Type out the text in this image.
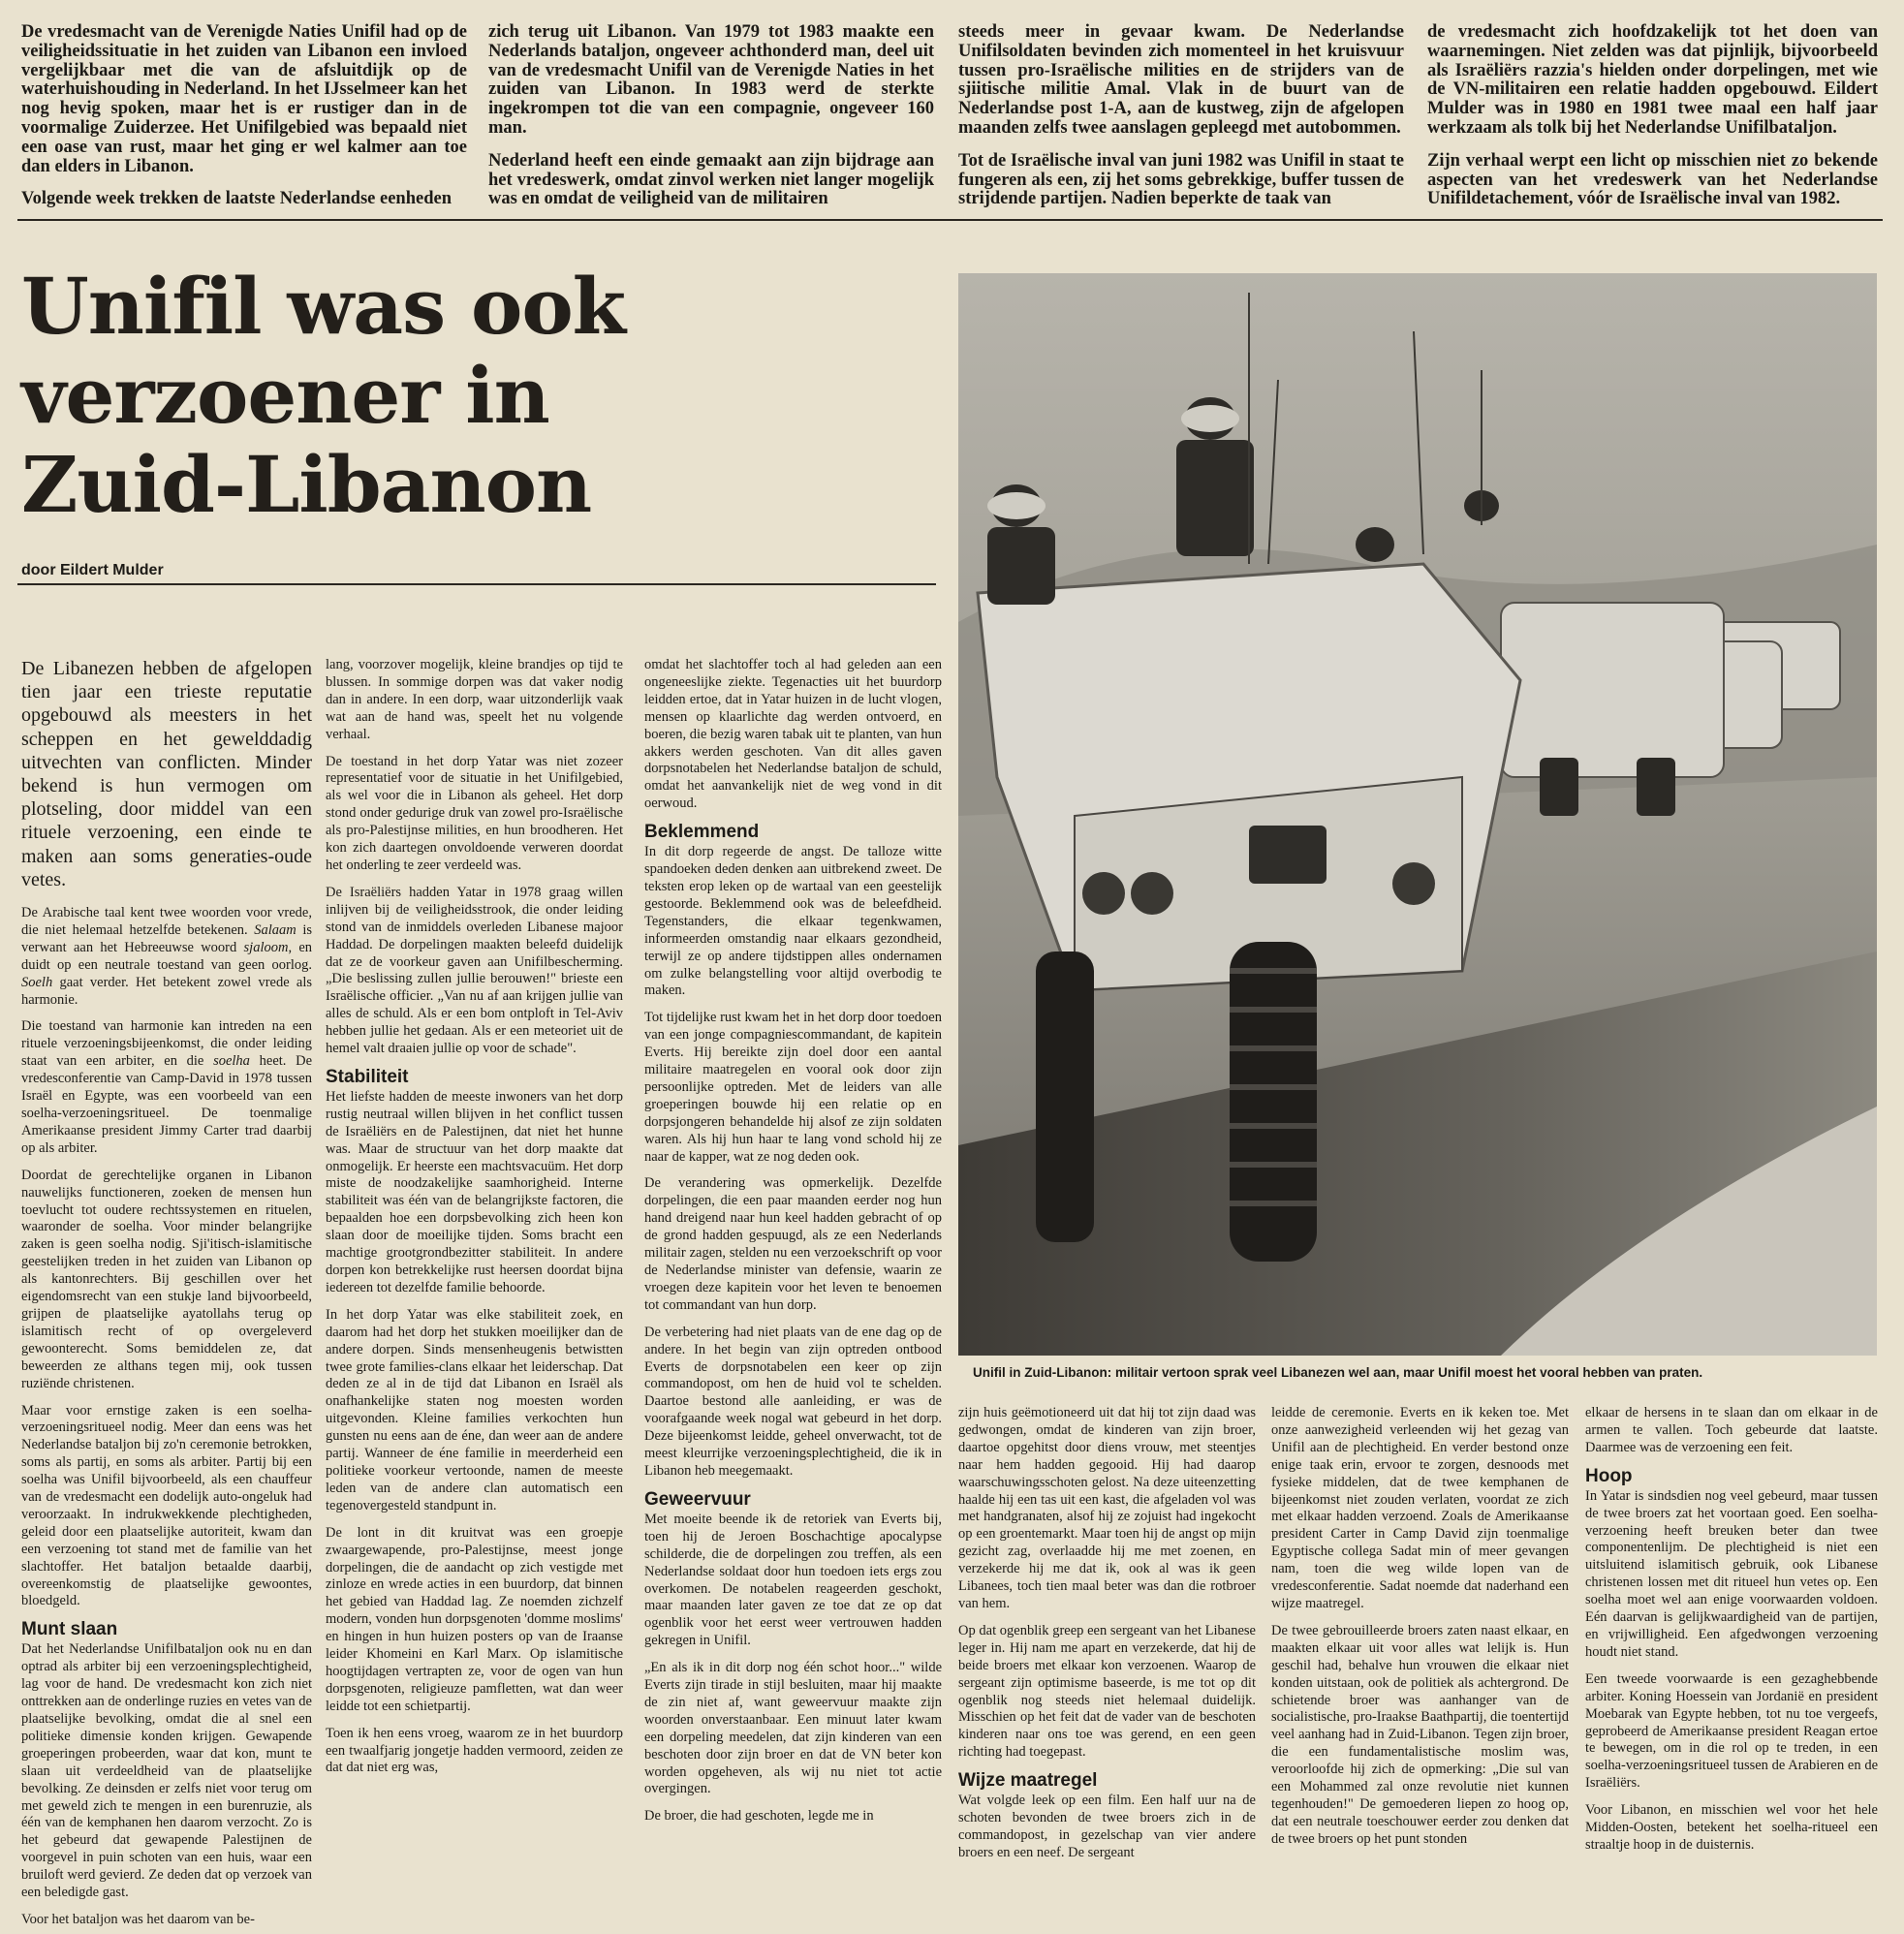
De vredesmacht van de Verenigde Naties Unifil had op de veiligheidssituatie in het zuiden van Libanon een invloed vergelijkbaar met die van de afsluitdijk op de waterhuishouding in Nederland. In het IJsselmeer kan het nog hevig spoken, maar het is er rustiger dan in de voormalige Zuiderzee. Het Unifilgebied was bepaald niet een oase van rust, maar het ging er wel kalmer aan toe dan elders in Libanon.

Volgende week trekken de laatste Nederlandse eenheden

zich terug uit Libanon. Van 1979 tot 1983 maakte een Nederlands bataljon, ongeveer achthonderd man, deel uit van de vredesmacht Unifil van de Verenigde Naties in het zuiden van Libanon. In 1983 werd de sterkte ingekrompen tot die van een compagnie, ongeveer 160 man.

Nederland heeft een einde gemaakt aan zijn bijdrage aan het vredeswerk, omdat zinvol werken niet langer mogelijk was en omdat de veiligheid van de militairen

steeds meer in gevaar kwam. De Nederlandse Unifilsoldaten bevinden zich momenteel in het kruisvuur tussen pro-Israëlische milities en de strijders van de sjiitische militie Amal. Vlak in de buurt van de Nederlandse post 1-A, aan de kustweg, zijn de afgelopen maanden zelfs twee aanslagen gepleegd met autobommen.

Tot de Israëlische inval van juni 1982 was Unifil in staat te fungeren als een, zij het soms gebrekkige, buffer tussen de strijdende partijen. Nadien beperkte de taak van

de vredesmacht zich hoofdzakelijk tot het doen van waarnemingen. Niet zelden was dat pijnlijk, bijvoorbeeld als Israëliërs razzia's hielden onder dorpelingen, met wie de VN-militairen een relatie hadden opgebouwd. Eildert Mulder was in 1980 en 1981 twee maal een half jaar werkzaam als tolk bij het Nederlandse Unifilbataljon.

Zijn verhaal werpt een licht op misschien niet zo bekende aspecten van het vredeswerk van het Nederlandse Unifildetachement, vóór de Israëlische inval van 1982.

Unifil was ook
verzoener in
Zuid-Libanon
door Eildert Mulder
Unifil in Zuid-Libanon: militair vertoon sprak veel Libanezen wel aan, maar Unifil moest het vooral hebben van praten.

De Libanezen hebben de afgelopen tien jaar een trieste reputatie opgebouwd als meesters in het scheppen en het gewelddadig uitvechten van conflicten. Minder bekend is hun vermogen om plotseling, door middel van een rituele verzoening, een einde te maken aan soms generaties-oude vetes.

De Arabische taal kent twee woorden voor vrede, die niet helemaal hetzelfde betekenen. Salaam is verwant aan het Hebreeuwse woord sjaloom, en duidt op een neutrale toestand van geen oorlog. Soelh gaat verder. Het betekent zowel vrede als harmonie.

Die toestand van harmonie kan intreden na een rituele verzoeningsbijeenkomst, die onder leiding staat van een arbiter, en die soelha heet. De vredesconferentie van Camp-David in 1978 tussen Israël en Egypte, was een voorbeeld van een soelha-verzoeningsritueel. De toenmalige Amerikaanse president Jimmy Carter trad daarbij op als arbiter.

Doordat de gerechtelijke organen in Libanon nauwelijks functioneren, zoeken de mensen hun toevlucht tot oudere rechtssystemen en rituelen, waaronder de soelha. Voor minder belangrijke zaken is geen soelha nodig. Sji'itisch-islamitische geestelijken treden in het zuiden van Libanon op als kantonrechters. Bij geschillen over het eigendomsrecht van een stukje land bijvoorbeeld, grijpen de plaatselijke ayatollahs terug op islamitisch recht of op overgeleverd gewoonterecht. Soms bemiddelen ze, dat beweerden ze althans tegen mij, ook tussen ruziënde christenen.

Maar voor ernstige zaken is een soelha-verzoeningsritueel nodig. Meer dan eens was het Nederlandse bataljon bij zo'n ceremonie betrokken, soms als partij, en soms als arbiter. Partij bij een soelha was Unifil bijvoorbeeld, als een chauffeur van de vredesmacht een dodelijk auto-ongeluk had veroorzaakt. In indrukwekkende plechtigheden, geleid door een plaatselijke autoriteit, kwam dan een verzoening tot stand met de familie van het slachtoffer. Het bataljon betaalde daarbij, overeenkomstig de plaatselijke gewoontes, bloedgeld.

Munt slaan

Dat het Nederlandse Unifilbataljon ook nu en dan optrad als arbiter bij een verzoeningsplechtigheid, lag voor de hand. De vredesmacht kon zich niet onttrekken aan de onderlinge ruzies en vetes van de plaatselijke bevolking, omdat die al snel een politieke dimensie konden krijgen. Gewapende groeperingen probeerden, waar dat kon, munt te slaan uit verdeeldheid van de plaatselijke bevolking. Ze deinsden er zelfs niet voor terug om met geweld zich te mengen in een burenruzie, als één van de kemphanen hen daarom verzocht. Zo is het gebeurd dat gewapende Palestijnen de voorgevel in puin schoten van een huis, waar een bruiloft werd gevierd. Ze deden dat op verzoek van een beledigde gast.

Voor het bataljon was het daarom van be-

lang, voorzover mogelijk, kleine brandjes op tijd te blussen. In sommige dorpen was dat vaker nodig dan in andere. In een dorp, waar uitzonderlijk vaak wat aan de hand was, speelt het nu volgende verhaal.

De toestand in het dorp Yatar was niet zozeer representatief voor de situatie in het Unifilgebied, als wel voor die in Libanon als geheel. Het dorp stond onder gedurige druk van zowel pro-Israëlische als pro-Palestijnse milities, en hun broodheren. Het kon zich daartegen onvoldoende verweren doordat het onderling te zeer verdeeld was.

De Israëliërs hadden Yatar in 1978 graag willen inlijven bij de veiligheidsstrook, die onder leiding stond van de inmiddels overleden Libanese majoor Haddad. De dorpelingen maakten beleefd duidelijk dat ze de voorkeur gaven aan Unifilbescherming. „Die beslissing zullen jullie berouwen!" brieste een Israëlische officier. „Van nu af aan krijgen jullie van alles de schuld. Als er een bom ontploft in Tel-Aviv hebben jullie het gedaan. Als er een meteoriet uit de hemel valt draaien jullie op voor de schade".

Stabiliteit

Het liefste hadden de meeste inwoners van het dorp rustig neutraal willen blijven in het conflict tussen de Israëliërs en de Palestijnen, dat niet het hunne was. Maar de structuur van het dorp maakte dat onmogelijk. Er heerste een machtsvacuüm. Het dorp miste de noodzakelijke saamhorigheid. Interne stabiliteit was één van de belangrijkste factoren, die bepaalden hoe een dorpsbevolking zich heen kon slaan door de moeilijke tijden. Soms bracht een machtige grootgrondbezitter stabiliteit. In andere dorpen kon betrekkelijke rust heersen doordat bijna iedereen tot dezelfde familie behoorde.

In het dorp Yatar was elke stabiliteit zoek, en daarom had het dorp het stukken moeilijker dan de andere dorpen. Sinds mensenheugenis betwistten twee grote families-clans elkaar het leiderschap. Dat deden ze al in de tijd dat Libanon en Israël als onafhankelijke staten nog moesten worden uitgevonden. Kleine families verkochten hun gunsten nu eens aan de éne, dan weer aan de andere partij. Wanneer de éne familie in meerderheid een politieke voorkeur vertoonde, namen de meeste leden van de andere clan automatisch een tegenovergesteld standpunt in.

De lont in dit kruitvat was een groepje zwaargewapende, pro-Palestijnse, meest jonge dorpelingen, die de aandacht op zich vestigde met zinloze en wrede acties in een buurdorp, dat binnen het gebied van Haddad lag. Ze noemden zichzelf modern, vonden hun dorpsgenoten 'domme moslims' en hingen in hun huizen posters op van de Iraanse leider Khomeini en Karl Marx. Op islamitische hoogtijdagen vertrapten ze, voor de ogen van hun dorpsgenoten, religieuze pamfletten, wat dan weer leidde tot een schietpartij.

Toen ik hen eens vroeg, waarom ze in het buurdorp een twaalfjarig jongetje hadden vermoord, zeiden ze dat dat niet erg was,

omdat het slachtoffer toch al had geleden aan een ongeneeslijke ziekte. Tegenacties uit het buurdorp leidden ertoe, dat in Yatar huizen in de lucht vlogen, mensen op klaarlichte dag werden ontvoerd, en boeren, die bezig waren tabak uit te planten, van hun akkers werden geschoten. Van dit alles gaven dorpsnotabelen het Nederlandse bataljon de schuld, omdat het aanvankelijk niet de weg vond in dit oerwoud.

Beklemmend

In dit dorp regeerde de angst. De talloze witte spandoeken deden denken aan uitbrekend zweet. De teksten erop leken op de wartaal van een geestelijk gestoorde. Beklemmend ook was de beleefdheid. Tegenstanders, die elkaar tegenkwamen, informeerden omstandig naar elkaars gezondheid, terwijl ze op andere tijdstippen alles ondernamen om zulke belangstelling voor altijd overbodig te maken.

Tot tijdelijke rust kwam het in het dorp door toedoen van een jonge compagniescommandant, de kapitein Everts. Hij bereikte zijn doel door een aantal militaire maatregelen en vooral ook door zijn persoonlijke optreden. Met de leiders van alle groeperingen bouwde hij een relatie op en dorpsjongeren behandelde hij alsof ze zijn soldaten waren. Als hij hun haar te lang vond schold hij ze naar de kapper, wat ze nog deden ook.

De verandering was opmerkelijk. Dezelfde dorpelingen, die een paar maanden eerder nog hun hand dreigend naar hun keel hadden gebracht of op de grond hadden gespuugd, als ze een Nederlands militair zagen, stelden nu een verzoekschrift op voor de Nederlandse minister van defensie, waarin ze vroegen deze kapitein voor het leven te benoemen tot commandant van hun dorp.

De verbetering had niet plaats van de ene dag op de andere. In het begin van zijn optreden ontbood Everts de dorpsnotabelen een keer op zijn commandopost, om hen de huid vol te schelden. Daartoe bestond alle aanleiding, er was de voorafgaande week nogal wat gebeurd in het dorp. Deze bijeenkomst leidde, geheel onverwacht, tot de meest kleurrijke verzoeningsplechtigheid, die ik in Libanon heb meegemaakt.

Geweervuur

Met moeite beende ik de retoriek van Everts bij, toen hij de Jeroen Boschachtige apocalypse schilderde, die de dorpelingen zou treffen, als een Nederlandse soldaat door hun toedoen iets ergs zou overkomen. De notabelen reageerden geschokt, maar maanden later gaven ze toe dat ze op dat ogenblik voor het eerst weer vertrouwen hadden gekregen in Unifil.

„En als ik in dit dorp nog één schot hoor..." wilde Everts zijn tirade in stijl besluiten, maar hij maakte de zin niet af, want geweervuur maakte zijn woorden onverstaanbaar. Een minuut later kwam een dorpeling meedelen, dat zijn kinderen van een beschoten door zijn broer en dat de VN beter kon worden opgeheven, als wij nu niet tot actie overgingen.

De broer, die had geschoten, legde me in

zijn huis geëmotioneerd uit dat hij tot zijn daad was gedwongen, omdat de kinderen van zijn broer, daartoe opgehitst door diens vrouw, met steentjes naar hem hadden gegooid. Hij had daarop waarschuwingsschoten gelost. Na deze uiteenzetting haalde hij een tas uit een kast, die afgeladen vol was met handgranaten, alsof hij ze zojuist had ingekocht op een groentemarkt. Maar toen hij de angst op mijn gezicht zag, overlaadde hij me met zoenen, en verzekerde hij me dat ik, ook al was ik geen Libanees, toch tien maal beter was dan die rotbroer van hem.

Op dat ogenblik greep een sergeant van het Libanese leger in. Hij nam me apart en verzekerde, dat hij de beide broers met elkaar kon verzoenen. Waarop de sergeant zijn optimisme baseerde, is me tot op dit ogenblik nog steeds niet helemaal duidelijk. Misschien op het feit dat de vader van de beschoten kinderen naar ons toe was gerend, en een geen richting had toegepast.

Wijze maatregel

Wat volgde leek op een film. Een half uur na de schoten bevonden de twee broers zich in de commandopost, in gezelschap van vier andere broers en een neef. De sergeant

leidde de ceremonie. Everts en ik keken toe. Met onze aanwezigheid verleenden wij het gezag van Unifil aan de plechtigheid. En verder bestond onze enige taak erin, ervoor te zorgen, desnoods met fysieke middelen, dat de twee kemphanen de bijeenkomst niet zouden verlaten, voordat ze zich met elkaar hadden verzoend. Zoals de Amerikaanse president Carter in Camp David zijn toenmalige Egyptische collega Sadat min of meer gevangen nam, toen die weg wilde lopen van de vredesconferentie. Sadat noemde dat naderhand een wijze maatregel.

De twee gebrouilleerde broers zaten naast elkaar, en maakten elkaar uit voor alles wat lelijk is. Hun geschil had, behalve hun vrouwen die elkaar niet konden uitstaan, ook de politiek als achtergrond. De schietende broer was aanhanger van de socialistische, pro-Iraakse Baathpartij, die toentertijd veel aanhang had in Zuid-Libanon. Tegen zijn broer, die een fundamentalistische moslim was, veroorloofde hij zich de opmerking: „Die sul van een Mohammed zal onze revolutie niet kunnen tegenhouden!" De gemoederen liepen zo hoog op, dat een neutrale toeschouwer eerder zou denken dat de twee broers op het punt stonden

elkaar de hersens in te slaan dan om elkaar in de armen te vallen. Toch gebeurde dat laatste. Daarmee was de verzoening een feit.

Hoop

In Yatar is sindsdien nog veel gebeurd, maar tussen de twee broers zat het voortaan goed. Een soelha-verzoening heeft breuken beter dan twee componentenlijm. De plechtigheid is niet een uitsluitend islamitisch gebruik, ook Libanese christenen lossen met dit ritueel hun vetes op. Een soelha moet wel aan enige voorwaarden voldoen. Eén daarvan is gelijkwaardigheid van de partijen, en vrijwilligheid. Een afgedwongen verzoening houdt niet stand.

Een tweede voorwaarde is een gezaghebbende arbiter. Koning Hoessein van Jordanië en president Moebarak van Egypte hebben, tot nu toe vergeefs, geprobeerd de Amerikaanse president Reagan ertoe te bewegen, om in die rol op te treden, in een soelha-verzoeningsritueel tussen de Arabieren en de Israëliërs.

Voor Libanon, en misschien wel voor het hele Midden-Oosten, betekent het soelha-ritueel een straaltje hoop in de duisternis.
